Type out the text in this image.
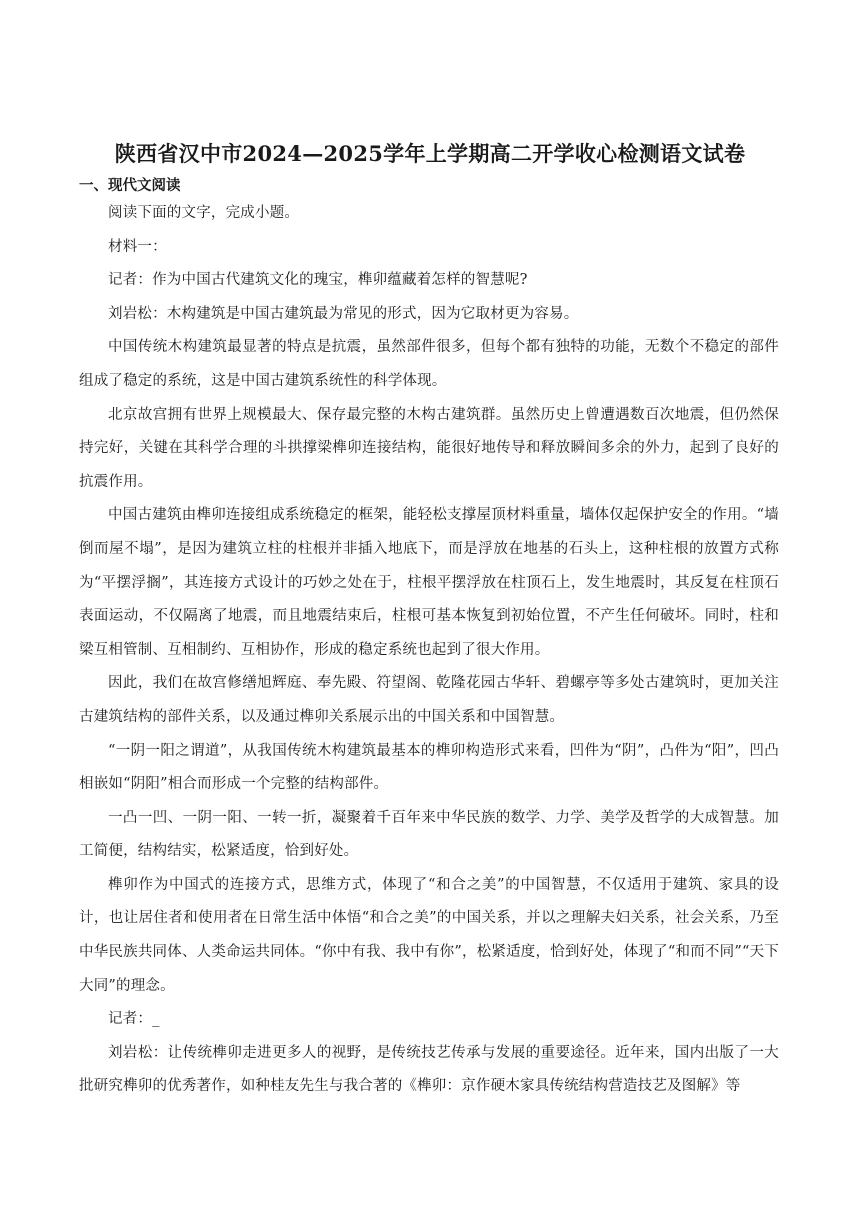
陕西省汉中市2024—2025学年上学期高二开学收心检测语文试卷
一、现代文阅读

阅读下面的文字，完成小题。

材料一：

记者：作为中国古代建筑文化的瑰宝，榫卯蕴藏着怎样的智慧呢?

刘岩松：木构建筑是中国古建筑最为常见的形式，因为它取材更为容易。

中国传统木构建筑最显著的特点是抗震，虽然部件很多，但每个都有独特的功能，无数个不稳定的部件组成了稳定的系统，这是中国古建筑系统性的科学体现。

北京故宫拥有世界上规模最大、保存最完整的木构古建筑群。虽然历史上曾遭遇数百次地震，但仍然保持完好，关键在其科学合理的斗拱撑梁榫卯连接结构，能很好地传导和释放瞬间多余的外力，起到了良好的抗震作用。

中国古建筑由榫卯连接组成系统稳定的框架，能轻松支撑屋顶材料重量，墙体仅起保护安全的作用。“墙倒而屋不塌”，是因为建筑立柱的柱根并非插入地底下，而是浮放在地基的石头上，这种柱根的放置方式称为“平摆浮搁”，其连接方式设计的巧妙之处在于，柱根平摆浮放在柱顶石上，发生地震时，其反复在柱顶石表面运动，不仅隔离了地震，而且地震结束后，柱根可基本恢复到初始位置，不产生任何破坏。同时，柱和梁互相管制、互相制约、互相协作，形成的稳定系统也起到了很大作用。

因此，我们在故宫修缮旭辉庭、奉先殿、符望阁、乾隆花园古华轩、碧螺亭等多处古建筑时，更加关注古建筑结构的部件关系，以及通过榫卯关系展示出的中国关系和中国智慧。

“一阴一阳之谓道”，从我国传统木构建筑最基本的榫卯构造形式来看，凹件为“阴”，凸件为“阳”，凹凸相嵌如“阴阳”相合而形成一个完整的结构部件。

一凸一凹、一阴一阳、一转一折，凝聚着千百年来中华民族的数学、力学、美学及哲学的大成智慧。加工简便，结构结实，松紧适度，恰到好处。

榫卯作为中国式的连接方式，思维方式，体现了“和合之美”的中国智慧，不仅适用于建筑、家具的设计，也让居住者和使用者在日常生活中体悟“和合之美”的中国关系，并以之理解夫妇关系，社会关系，乃至中华民族共同体、人类命运共同体。“你中有我、我中有你”，松紧适度，恰到好处，体现了“和而不同”“天下大同”的理念。

记者：_

刘岩松：让传统榫卯走进更多人的视野，是传统技艺传承与发展的重要途径。近年来，国内出版了一大批研究榫卯的优秀著作，如种桂友先生与我合著的《榫卯：京作硬木家具传统结构营造技艺及图解》等
